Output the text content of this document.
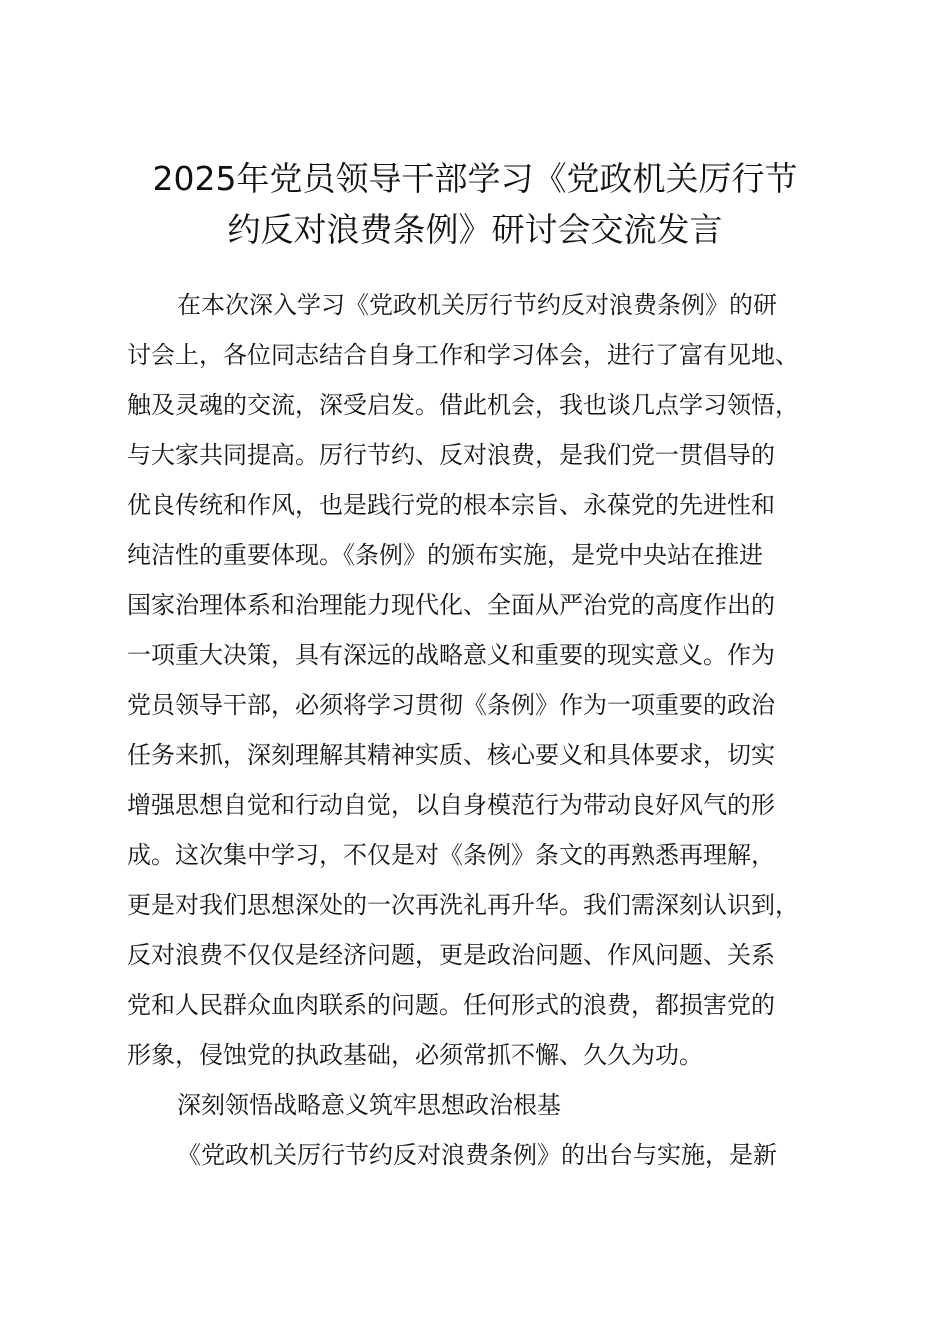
2025年党员领导干部学习《党政机关厉行节
约反对浪费条例》研讨会交流发言
在本次深入学习《党政机关厉行节约反对浪费条例》的研
讨会上，各位同志结合自身工作和学习体会，进行了富有见地、
触及灵魂的交流，深受启发。借此机会，我也谈几点学习领悟，
与大家共同提高。厉行节约、反对浪费，是我们党一贯倡导的
优良传统和作风，也是践行党的根本宗旨、永葆党的先进性和
纯洁性的重要体现。《条例》的颁布实施，是党中央站在推进
国家治理体系和治理能力现代化、全面从严治党的高度作出的
一项重大决策，具有深远的战略意义和重要的现实意义。作为
党员领导干部，必须将学习贯彻《条例》作为一项重要的政治
任务来抓，深刻理解其精神实质、核心要义和具体要求，切实
增强思想自觉和行动自觉，以自身模范行为带动良好风气的形
成。这次集中学习，不仅是对《条例》条文的再熟悉再理解，
更是对我们思想深处的一次再洗礼再升华。我们需深刻认识到，
反对浪费不仅仅是经济问题，更是政治问题、作风问题、关系
党和人民群众血肉联系的问题。任何形式的浪费，都损害党的
形象，侵蚀党的执政基础，必须常抓不懈、久久为功。
深刻领悟战略意义筑牢思想政治根基
《党政机关厉行节约反对浪费条例》的出台与实施，是新
